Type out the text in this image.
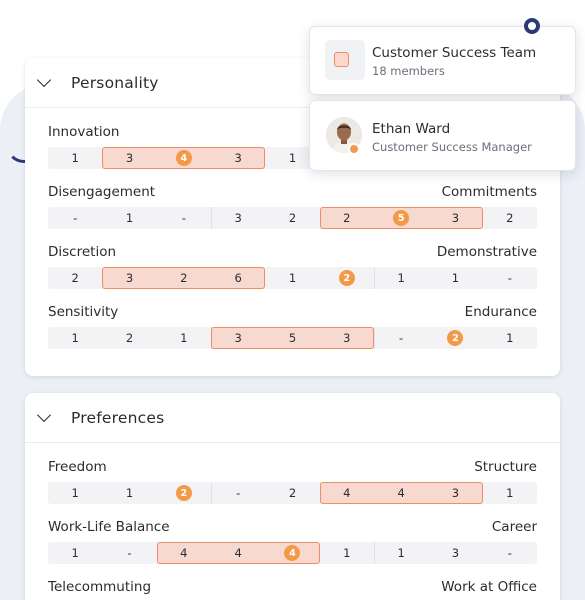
Personality
Innovation
1	3	4	3	1
Disengagement	Commitments
-	1	-	3	2	2	5	3	2
Discretion	Demonstrative
2	3	2	6	1	2	1	1	-
Sensitivity	Endurance
1	2	1	3	5	3	-	2	1
Preferences
Freedom	Structure
1	1	2	-	2	4	4	3	1
Work-Life Balance	Career
1	-	4	4	4	1	1	3	-
Telecommuting	Work at Office
Customer Success Team
18 members
Ethan Ward
Customer Success Manager
